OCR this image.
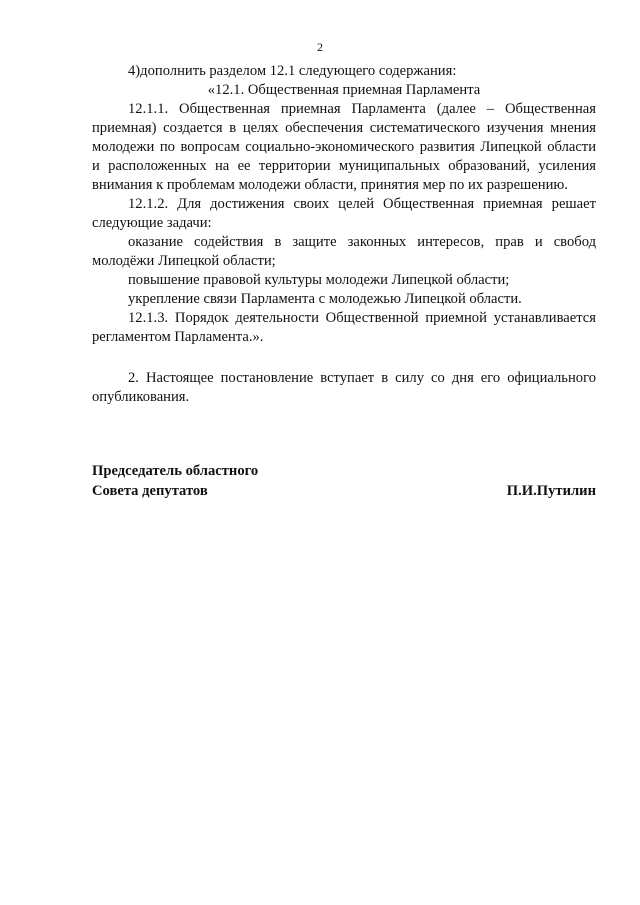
2

4)дополнить разделом 12.1 следующего содержания:

«12.1. Общественная приемная Парламента

12.1.1. Общественная приемная Парламента (далее – Общественная приемная) создается в целях обеспечения систематического изучения мнения молодежи по вопросам социально-экономического развития Липецкой области и расположенных на ее территории муниципальных образований, усиления внимания к проблемам молодежи области, принятия мер по их разрешению.

12.1.2. Для достижения своих целей Общественная приемная решает следующие задачи:

оказание содействия в защите законных интересов, прав и свобод молодёжи Липецкой области;

повышение правовой культуры молодежи Липецкой области;

укрепление связи Парламента с молодежью Липецкой области.

12.1.3. Порядок деятельности Общественной приемной устанавливается регламентом Парламента.».

2. Настоящее постановление вступает в силу со дня его официального опубликования.

Председатель областного
Совета депутатов	П.И.Путилин
